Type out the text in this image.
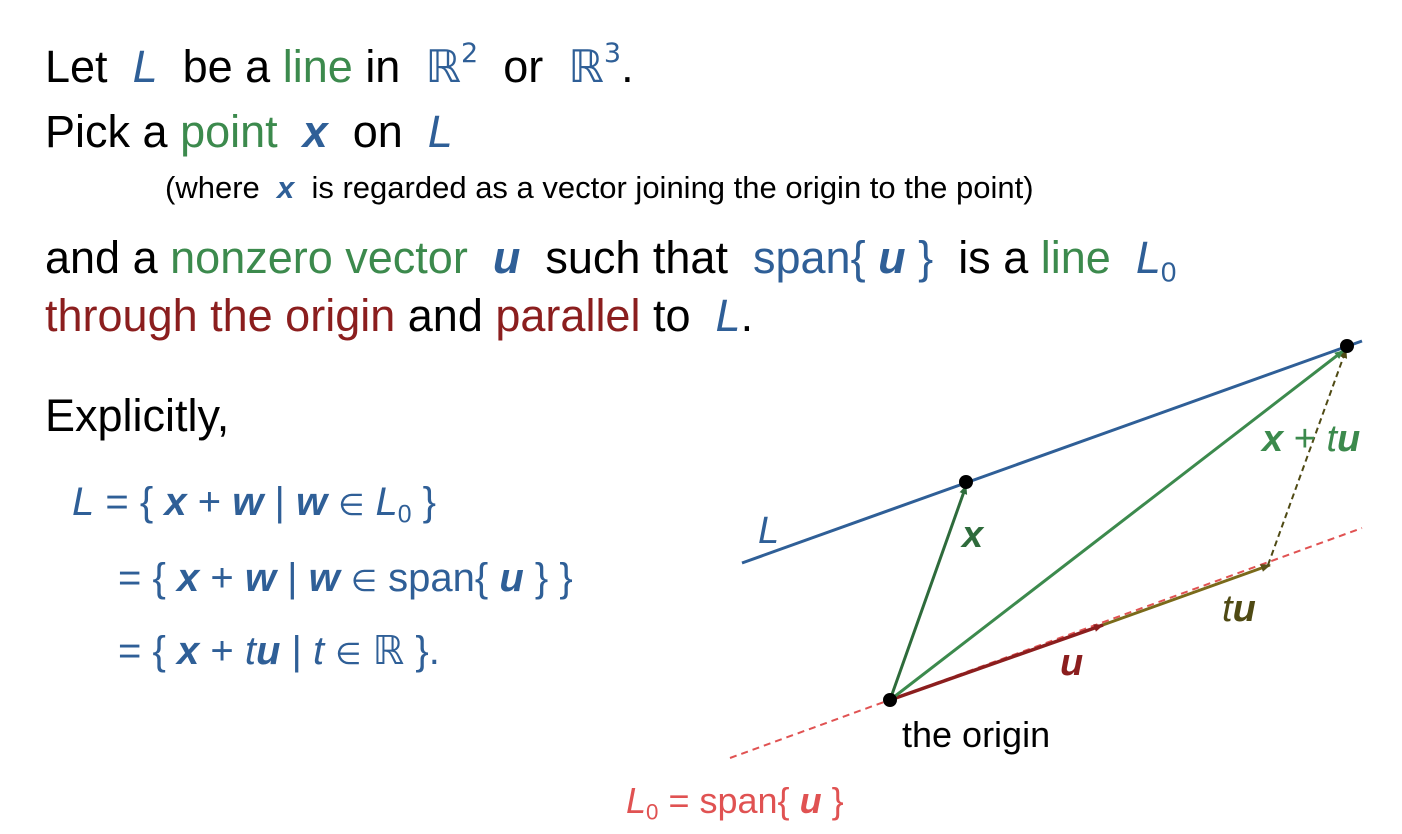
Let L be a line in ℝ$^2$ or ℝ$^3$.
Pick a point x on L
(where x is regarded as a vector joining the origin to the point)
and a nonzero vector u such that span{ u } is a line $L_0$
through the origin and parallel to L.
Explicitly,
L = { x + w | w ∈ $L_0$ }
= { x + w | w ∈ span{ u } }
= { x + tu | t ∈ ℝ }.
L	x
x + tu
tu
u
the origin
$L_0$ = span{ u }
